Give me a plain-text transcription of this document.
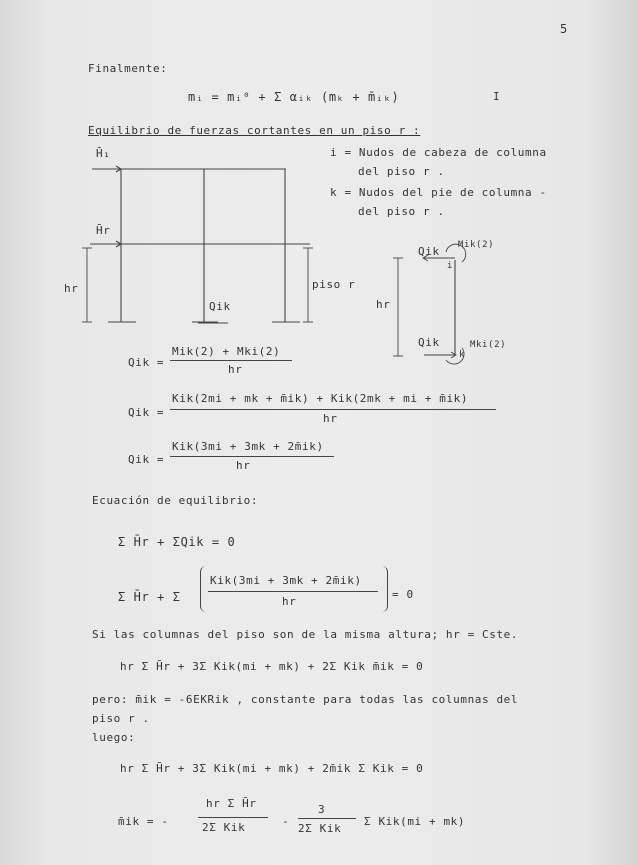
5
Finalmente:
mᵢ = mᵢ⁰ + Σ αᵢₖ (mₖ + m̄ᵢₖ)	I
Equilibrio de fuerzas cortantes en un piso r :
H̄₁
H̄r
hr
Qik
piso r
i = Nudos de cabeza de columna
del piso r .
k = Nudos del pie de columna -
del piso r .
Qik Mik(2)
i
hr
Qik
k
Mki(2)
Qik =
Mik(2) + Mki(2)
hr
Qik =
Kik(2mi + mk + m̄ik) + Kik(2mk + mi + m̄ik)
hr
Qik =
Kik(3mi + 3mk + 2m̄ik)
hr
Ecuación de equilibrio:
Σ H̄r + ΣQik = 0
Σ H̄r + Σ
Kik(3mi + 3mk + 2m̄ik)
hr
= 0
Si las columnas del piso son de la misma altura; hr = Cste.
hr Σ H̄r + 3Σ Kik(mi + mk) + 2Σ Kik m̄ik = 0
pero: m̄ik = -6EKRik , constante para todas las columnas del
piso r .
luego:
hr Σ H̄r + 3Σ Kik(mi + mk) + 2m̄ik Σ Kik = 0
m̄ik = -
hr Σ H̄r
2Σ Kik	-
3
2Σ Kik
Σ Kik(mi + mk)
